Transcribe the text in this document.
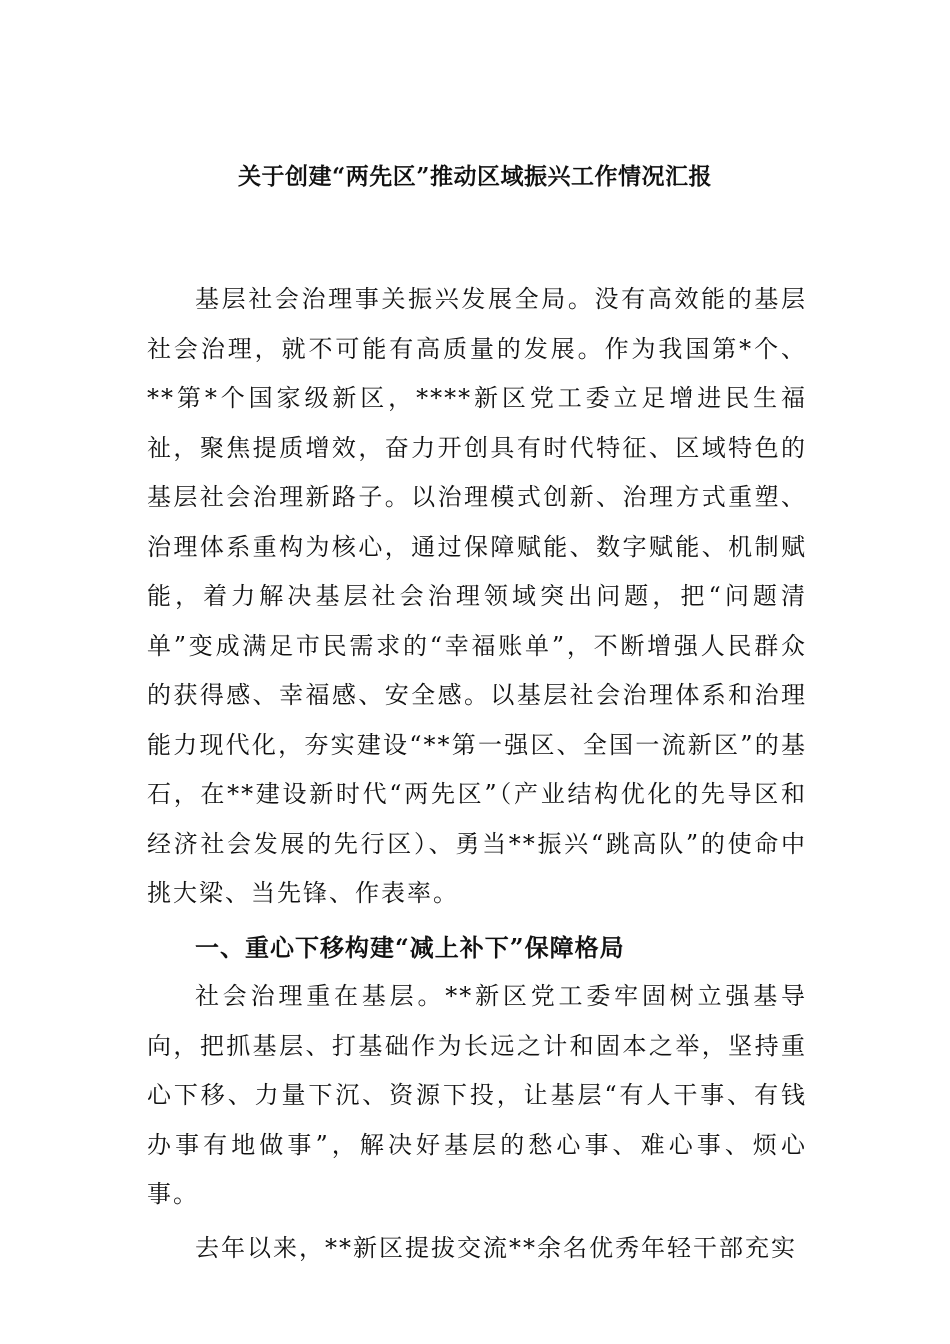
关于创建“两先区”推动区域振兴工作情况汇报

基层社会治理事关振兴发展全局。没有高效能的基层社会治理，就不可能有高质量的发展。作为我国第*个、**第*个国家级新区，****新区党工委立足增进民生福祉，聚焦提质增效，奋力开创具有时代特征、区域特色的基层社会治理新路子。以治理模式创新、治理方式重塑、治理体系重构为核心，通过保障赋能、数字赋能、机制赋能，着力解决基层社会治理领域突出问题，把“问题清单”变成满足市民需求的“幸福账单”，不断增强人民群众的获得感、幸福感、安全感。以基层社会治理体系和治理能力现代化，夯实建设“**第一强区、全国一流新区”的基石，在**建设新时代“两先区”（产业结构优化的先导区和经济社会发展的先行区）、勇当**振兴“跳高队”的使命中挑大梁、当先锋、作表率。

一、重心下移构建“减上补下”保障格局

社会治理重在基层。**新区党工委牢固树立强基导向，把抓基层、打基础作为长远之计和固本之举，坚持重心下移、力量下沉、资源下投，让基层“有人干事、有钱办事有地做事”，解决好基层的愁心事、难心事、烦心事。

去年以来，**新区提拔交流**余名优秀年轻干部充实
